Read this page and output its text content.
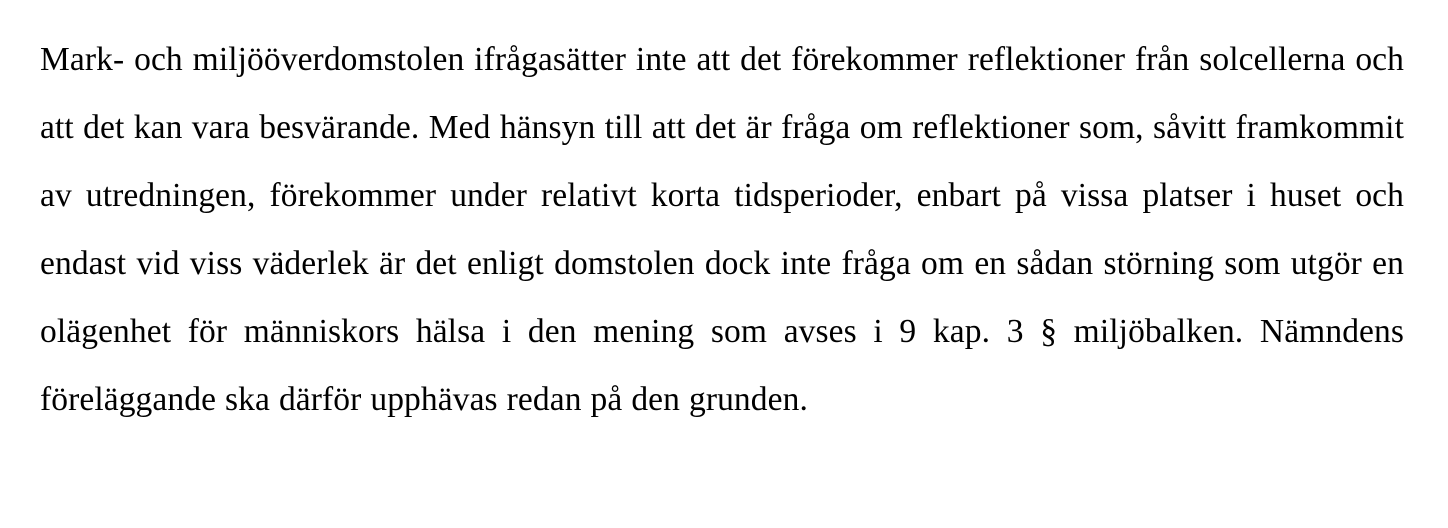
Mark- och miljööverdomstolen ifrågasätter inte att det förekommer reflektioner från solcellerna och att det kan vara besvärande. Med hänsyn till att det är fråga om reflektioner som, såvitt framkommit av utredningen, förekommer under relativt korta tidsperioder, enbart på vissa platser i huset och endast vid viss väderlek är det enligt domstolen dock inte fråga om en sådan störning som utgör en olägenhet för människors hälsa i den mening som avses i 9 kap. 3 § miljöbalken. Nämndens föreläggande ska därför upphävas redan på den grunden.
